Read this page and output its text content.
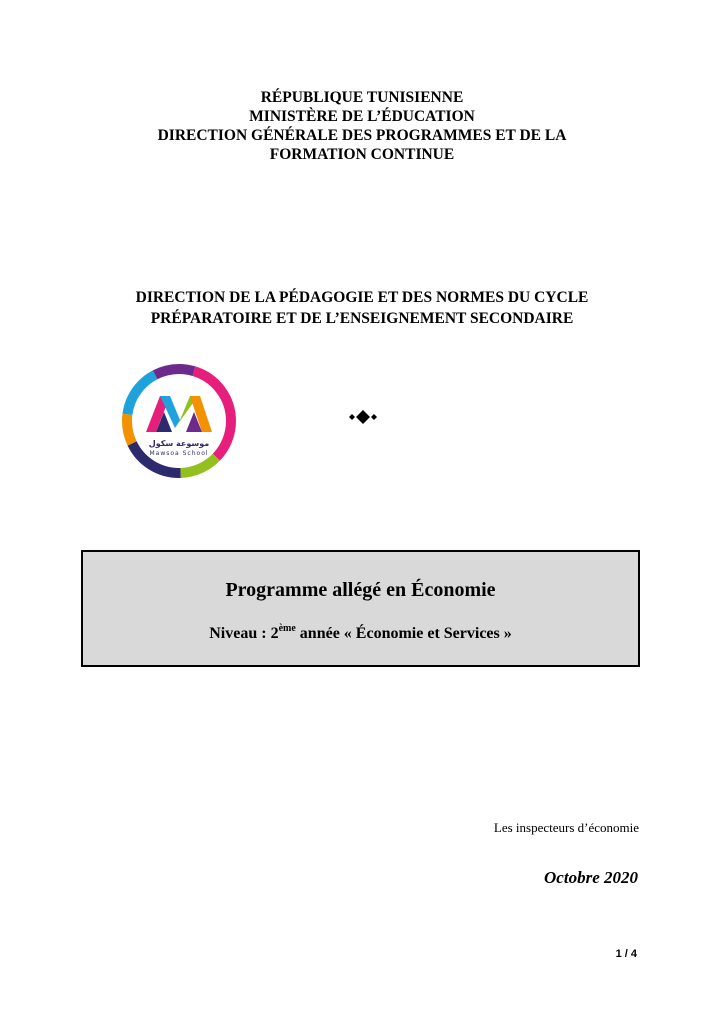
RÉPUBLIQUE TUNISIENNE
MINISTÈRE DE L’ÉDUCATION
DIRECTION GÉNÉRALE DES PROGRAMMES ET DE LA
FORMATION CONTINUE
DIRECTION DE LA PÉDAGOGIE ET DES NORMES DU CYCLE
PRÉPARATOIRE ET DE L’ENSEIGNEMENT SECONDAIRE
موسوعة سكول
Mawsoa School
Programme allégé en Économie
Niveau : 2ème année « Économie et Services »
Les inspecteurs d’économie
Octobre 2020
1 / 4
